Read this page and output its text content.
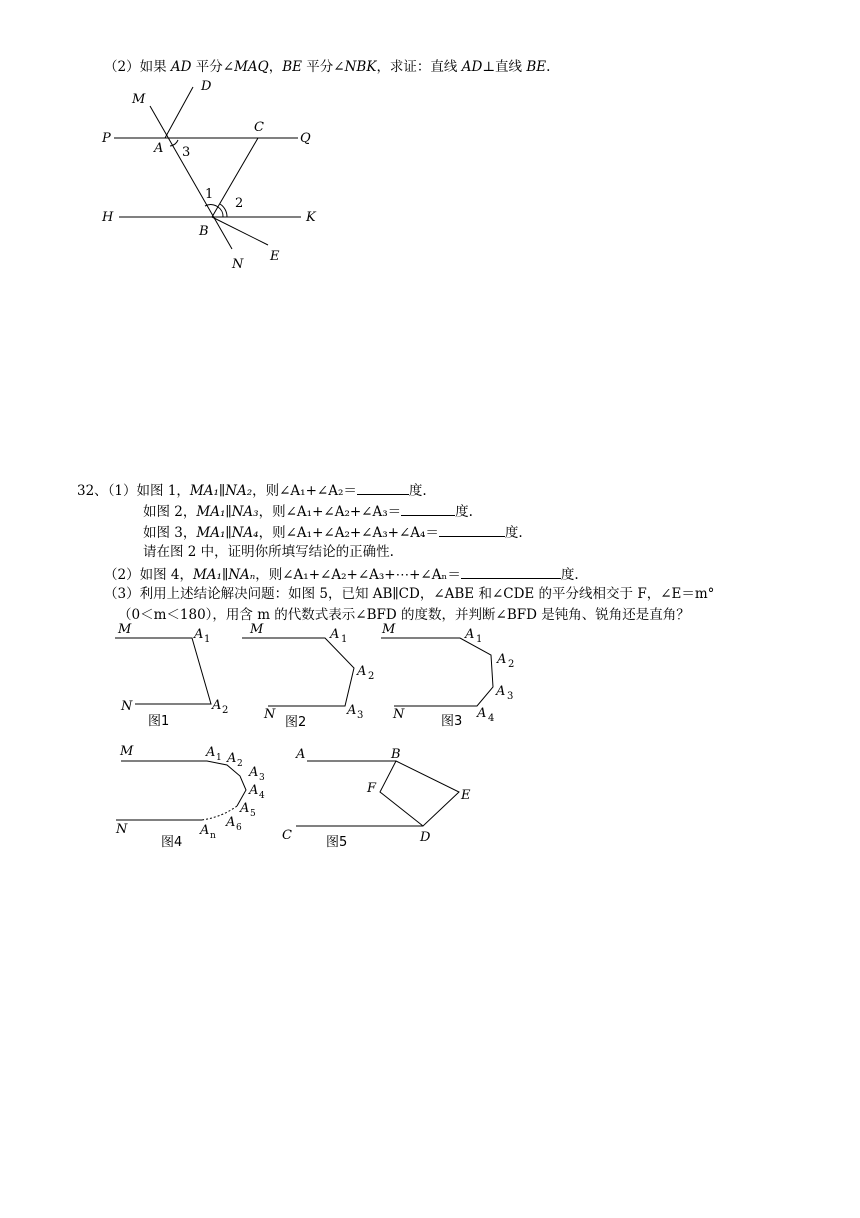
（2）如果 AD 平分∠MAQ，BE 平分∠NBK，求证：直线 AD⊥直线 BE.
M
D
C
P	Q
A 3
1
2
H	K
B
N
E
32、（1）如图 1，MA₁∥NA₂，则∠A₁+∠A₂＝	度.
如图 2，MA₁∥NA₃，则∠A₁+∠A₂+∠A₃＝	度.
如图 3，MA₁∥NA₄，则∠A₁+∠A₂+∠A₃+∠A₄＝	度.
请在图 2 中，证明你所填写结论的正确性.
（2）如图 4，MA₁∥NAₙ，则∠A₁+∠A₂+∠A₃+⋯+∠Aₙ＝	度.
（3）利用上述结论解决问题：如图 5，已知 AB∥CD，∠ABE 和∠CDE 的平分线相交于 F，∠E＝m°
（0＜m＜180），用含 m 的代数式表示∠BFD 的度数，并判断∠BFD 是钝角、锐角还是直角？
M	A 1
N	A 2
图1
M	A 1
A 2
N	A 3
图2
M	A 1
A 2
A 3
N	A 4
图3
M	A 1 A 2
A 3
A 4
A 5
A 6
N	A n
图4
A	B
F	E
C	D
图5
